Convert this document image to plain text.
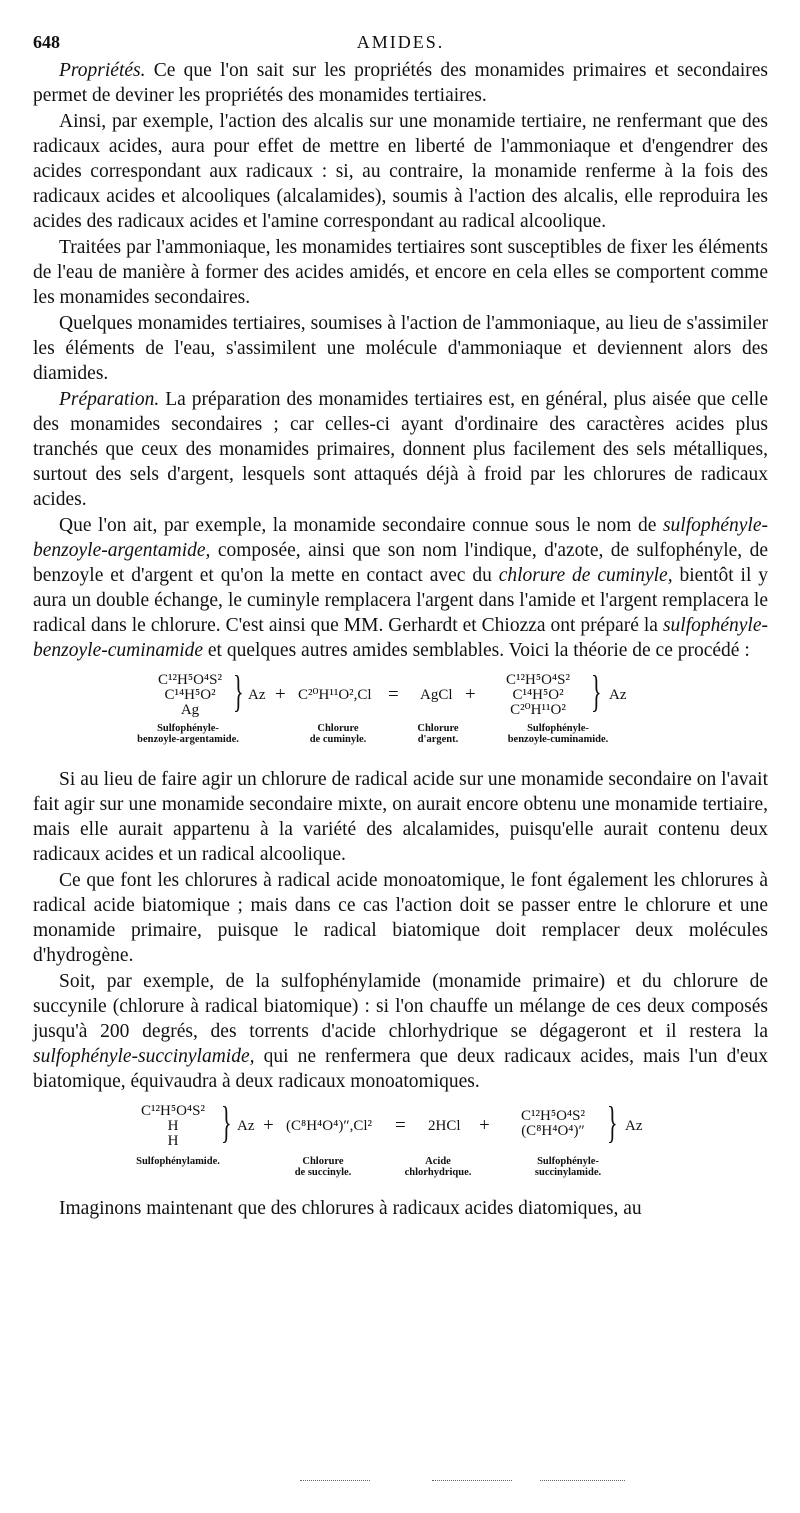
648	AMIDES.

Propriétés. Ce que l'on sait sur les propriétés des monamides primaires et secondaires permet de deviner les propriétés des monamides tertiaires.

Ainsi, par exemple, l'action des alcalis sur une monamide tertiaire, ne renfermant que des radicaux acides, aura pour effet de mettre en liberté de l'ammoniaque et d'engendrer des acides correspondant aux radicaux : si, au contraire, la monamide renferme à la fois des radicaux acides et alcooliques (alcalamides), soumis à l'action des alcalis, elle reproduira les acides des radicaux acides et l'amine correspondant au radical alcoolique.

Traitées par l'ammoniaque, les monamides tertiaires sont susceptibles de fixer les éléments de l'eau de manière à former des acides amidés, et encore en cela elles se comportent comme les monamides secondaires.

Quelques monamides tertiaires, soumises à l'action de l'ammoniaque, au lieu de s'assimiler les éléments de l'eau, s'assimilent une molécule d'ammoniaque et deviennent alors des diamides.

Préparation. La préparation des monamides tertiaires est, en général, plus aisée que celle des monamides secondaires ; car celles-ci ayant d'ordinaire des caractères acides plus tranchés que ceux des monamides primaires, donnent plus facilement des sels métalliques, surtout des sels d'argent, lesquels sont attaqués déjà à froid par les chlorures de radicaux acides.

Que l'on ait, par exemple, la monamide secondaire connue sous le nom de sulfophényle-benzoyle-argentamide, composée, ainsi que son nom l'indique, d'azote, de sulfophényle, de benzoyle et d'argent et qu'on la mette en contact avec du chlorure de cuminyle, bientôt il y aura un double échange, le cuminyle remplacera l'argent dans l'amide et l'argent remplacera le radical dans le chlorure. C'est ainsi que MM. Gerhardt et Chiozza ont préparé la sulfophényle-benzoyle-cuminamide et quelques autres amides semblables. Voici la théorie de ce procédé :

C¹²H⁵O⁴S²
C¹⁴H⁵O²
Ag } Az + C²⁰H¹¹O²,Cl = AgCl +
C¹²H⁵O⁴S²
C¹⁴H⁵O²
C²⁰H¹¹O² } Az
Sulfophényle-
benzoyle-argentamide.
Chlorure
de cuminyle.
Chlorure
d'argent.
Sulfophényle-
benzoyle-cuminamide.

Si au lieu de faire agir un chlorure de radical acide sur une monamide secondaire on l'avait fait agir sur une monamide secondaire mixte, on aurait encore obtenu une monamide tertiaire, mais elle aurait appartenu à la variété des alcalamides, puisqu'elle aurait contenu deux radicaux acides et un radical alcoolique.

Ce que font les chlorures à radical acide monoatomique, le font également les chlorures à radical acide biatomique ; mais dans ce cas l'action doit se passer entre le chlorure et une monamide primaire, puisque le radical biatomique doit remplacer deux molécules d'hydrogène.

Soit, par exemple, de la sulfophénylamide (monamide primaire) et du chlorure de succynile (chlorure à radical biatomique) : si l'on chauffe un mélange de ces deux composés jusqu'à 200 degrés, des torrents d'acide chlorhydrique se dégageront et il restera la sulfophényle-succinylamide, qui ne renfermera que deux radicaux acides, mais l'un d'eux biatomique, équivaudra à deux radicaux monoatomiques.

C¹²H⁵O⁴S²
H
H } Az + (C⁸H⁴O⁴)″,Cl² = 2HCl +	C¹²H⁵O⁴S²
(C⁸H⁴O⁴)″ } Az
Sulfophénylamide.	Chlorure
de succinyle.
Acide
chlorhydrique.
Sulfophényle-
succinylamide.

Imaginons maintenant que des chlorures à radicaux acides diatomiques, au
